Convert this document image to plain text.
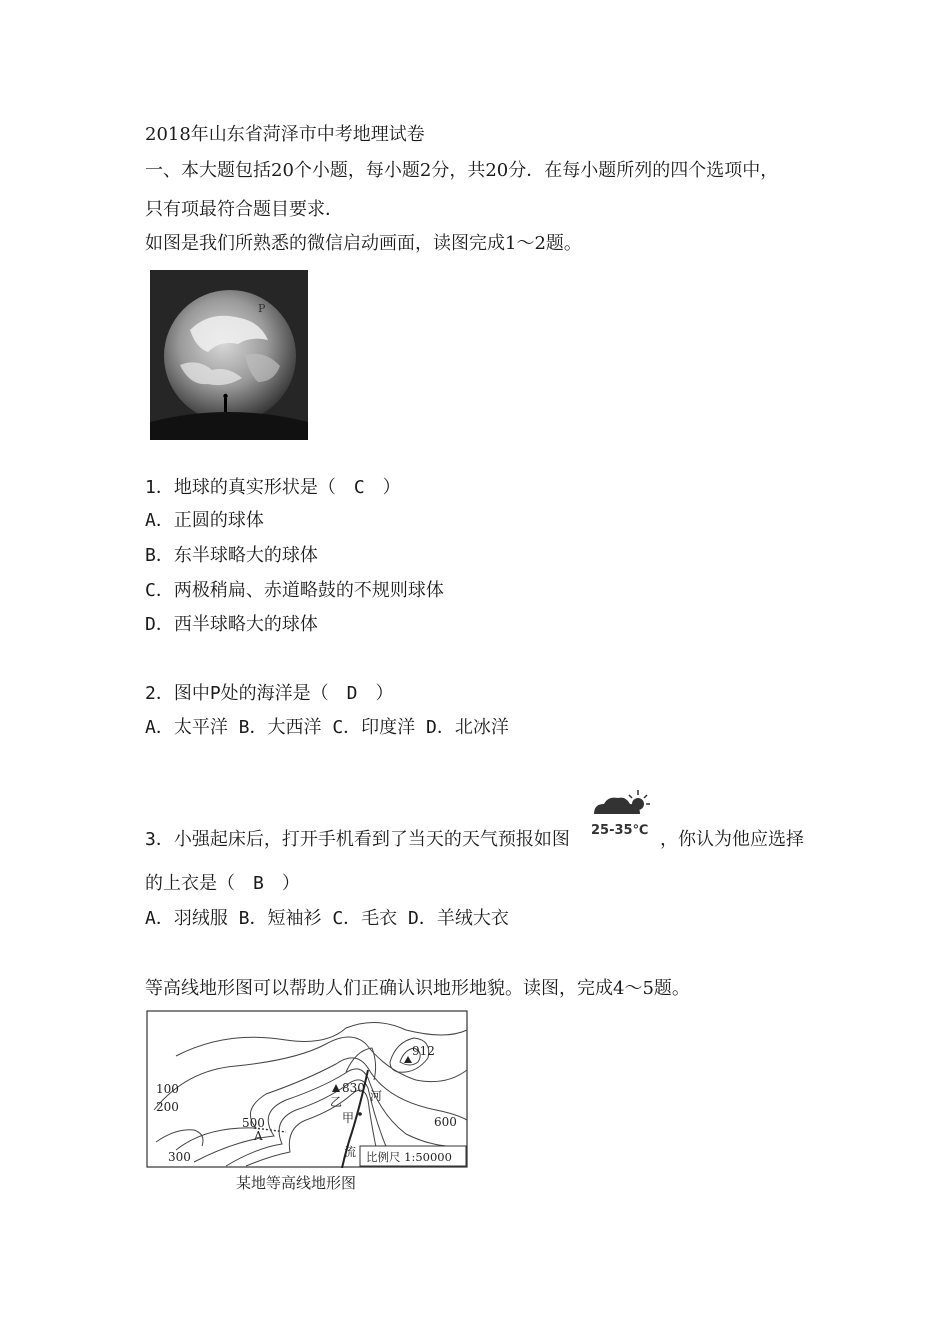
2018年山东省菏泽市中考地理试卷
一、本大题包括20个小题，每小题2分，共20分．在每小题所列的四个选项中，
只有项最符合题目要求．
如图是我们所熟悉的微信启动画面，读图完成1～2题。
P
1．地球的真实形状是（　C　）
A．正圆的球体
B．东半球略大的球体
C．两极稍扁、赤道略鼓的不规则球体
D．西半球略大的球体
2．图中P处的海洋是（　D　）
A．太平洋 B．大西洋 C．印度洋 D．北冰洋
3．小强起床后，打开手机看到了当天的天气预报如图 25-35℃ ，你认为他应选择
的上衣是（　B　）
A．羽绒服 B．短袖衫 C．毛衣 D．羊绒大衣
等高线地形图可以帮助人们正确认识地形地貌。读图，完成4～5题。
100
200
300
500	600
830
912
乙
甲
河
流
A
比例尺 1:50000
某地等高线地形图
